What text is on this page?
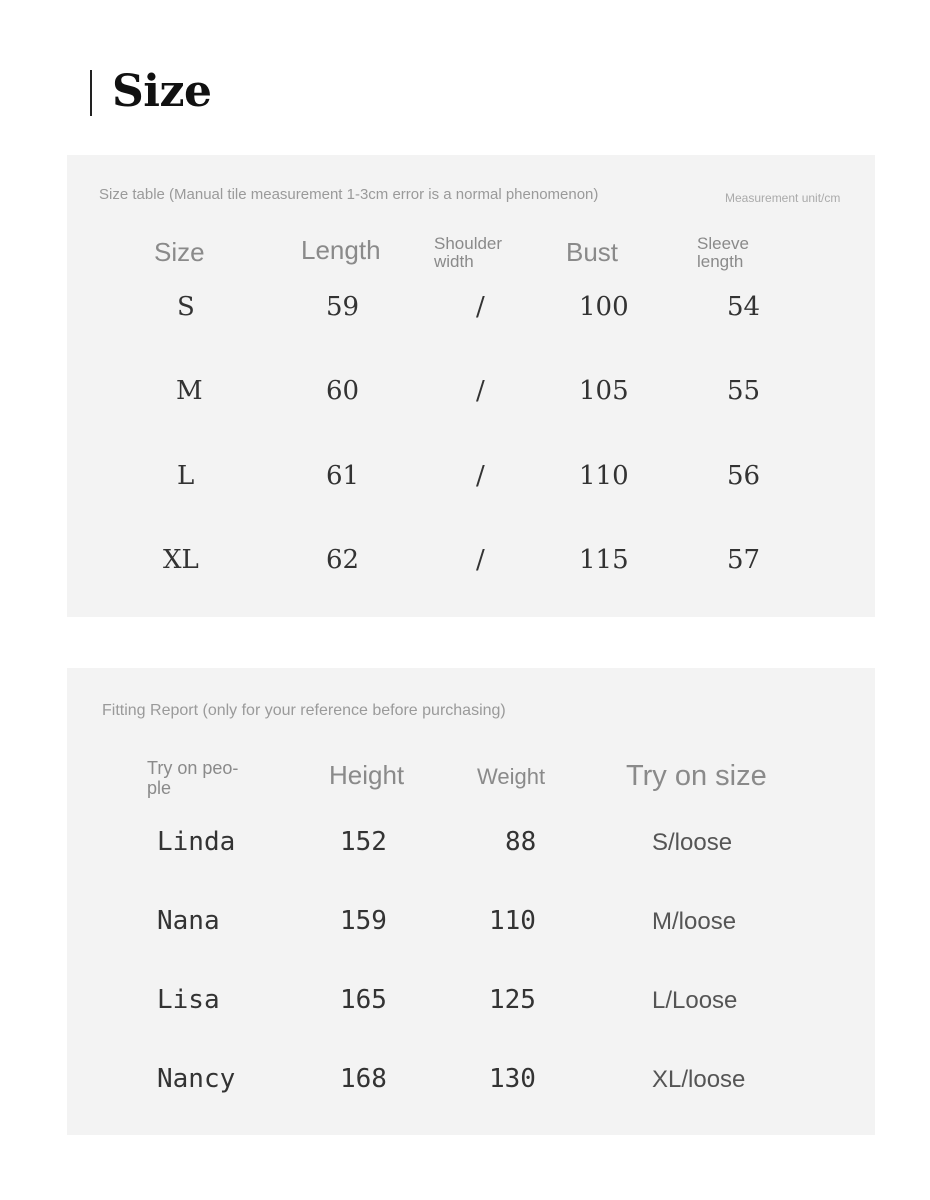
Size
Size table (Manual tile measurement 1-3cm error is a normal phenomenon)	Measurement unit/cm
Size	Length	Shoulder width	Bust	Sleeve length
S	59	/	100	54
M	60	/	105	55
L	61	/	110	56
XL	62	/	115	57
Fitting Report (only for your reference before purchasing)
Try on peo-ple	Height	Weight	Try on size
Linda	152	88	S/loose
Nana	159	110	M/loose
Lisa	165	125	L/Loose
Nancy	168	130	XL/loose
